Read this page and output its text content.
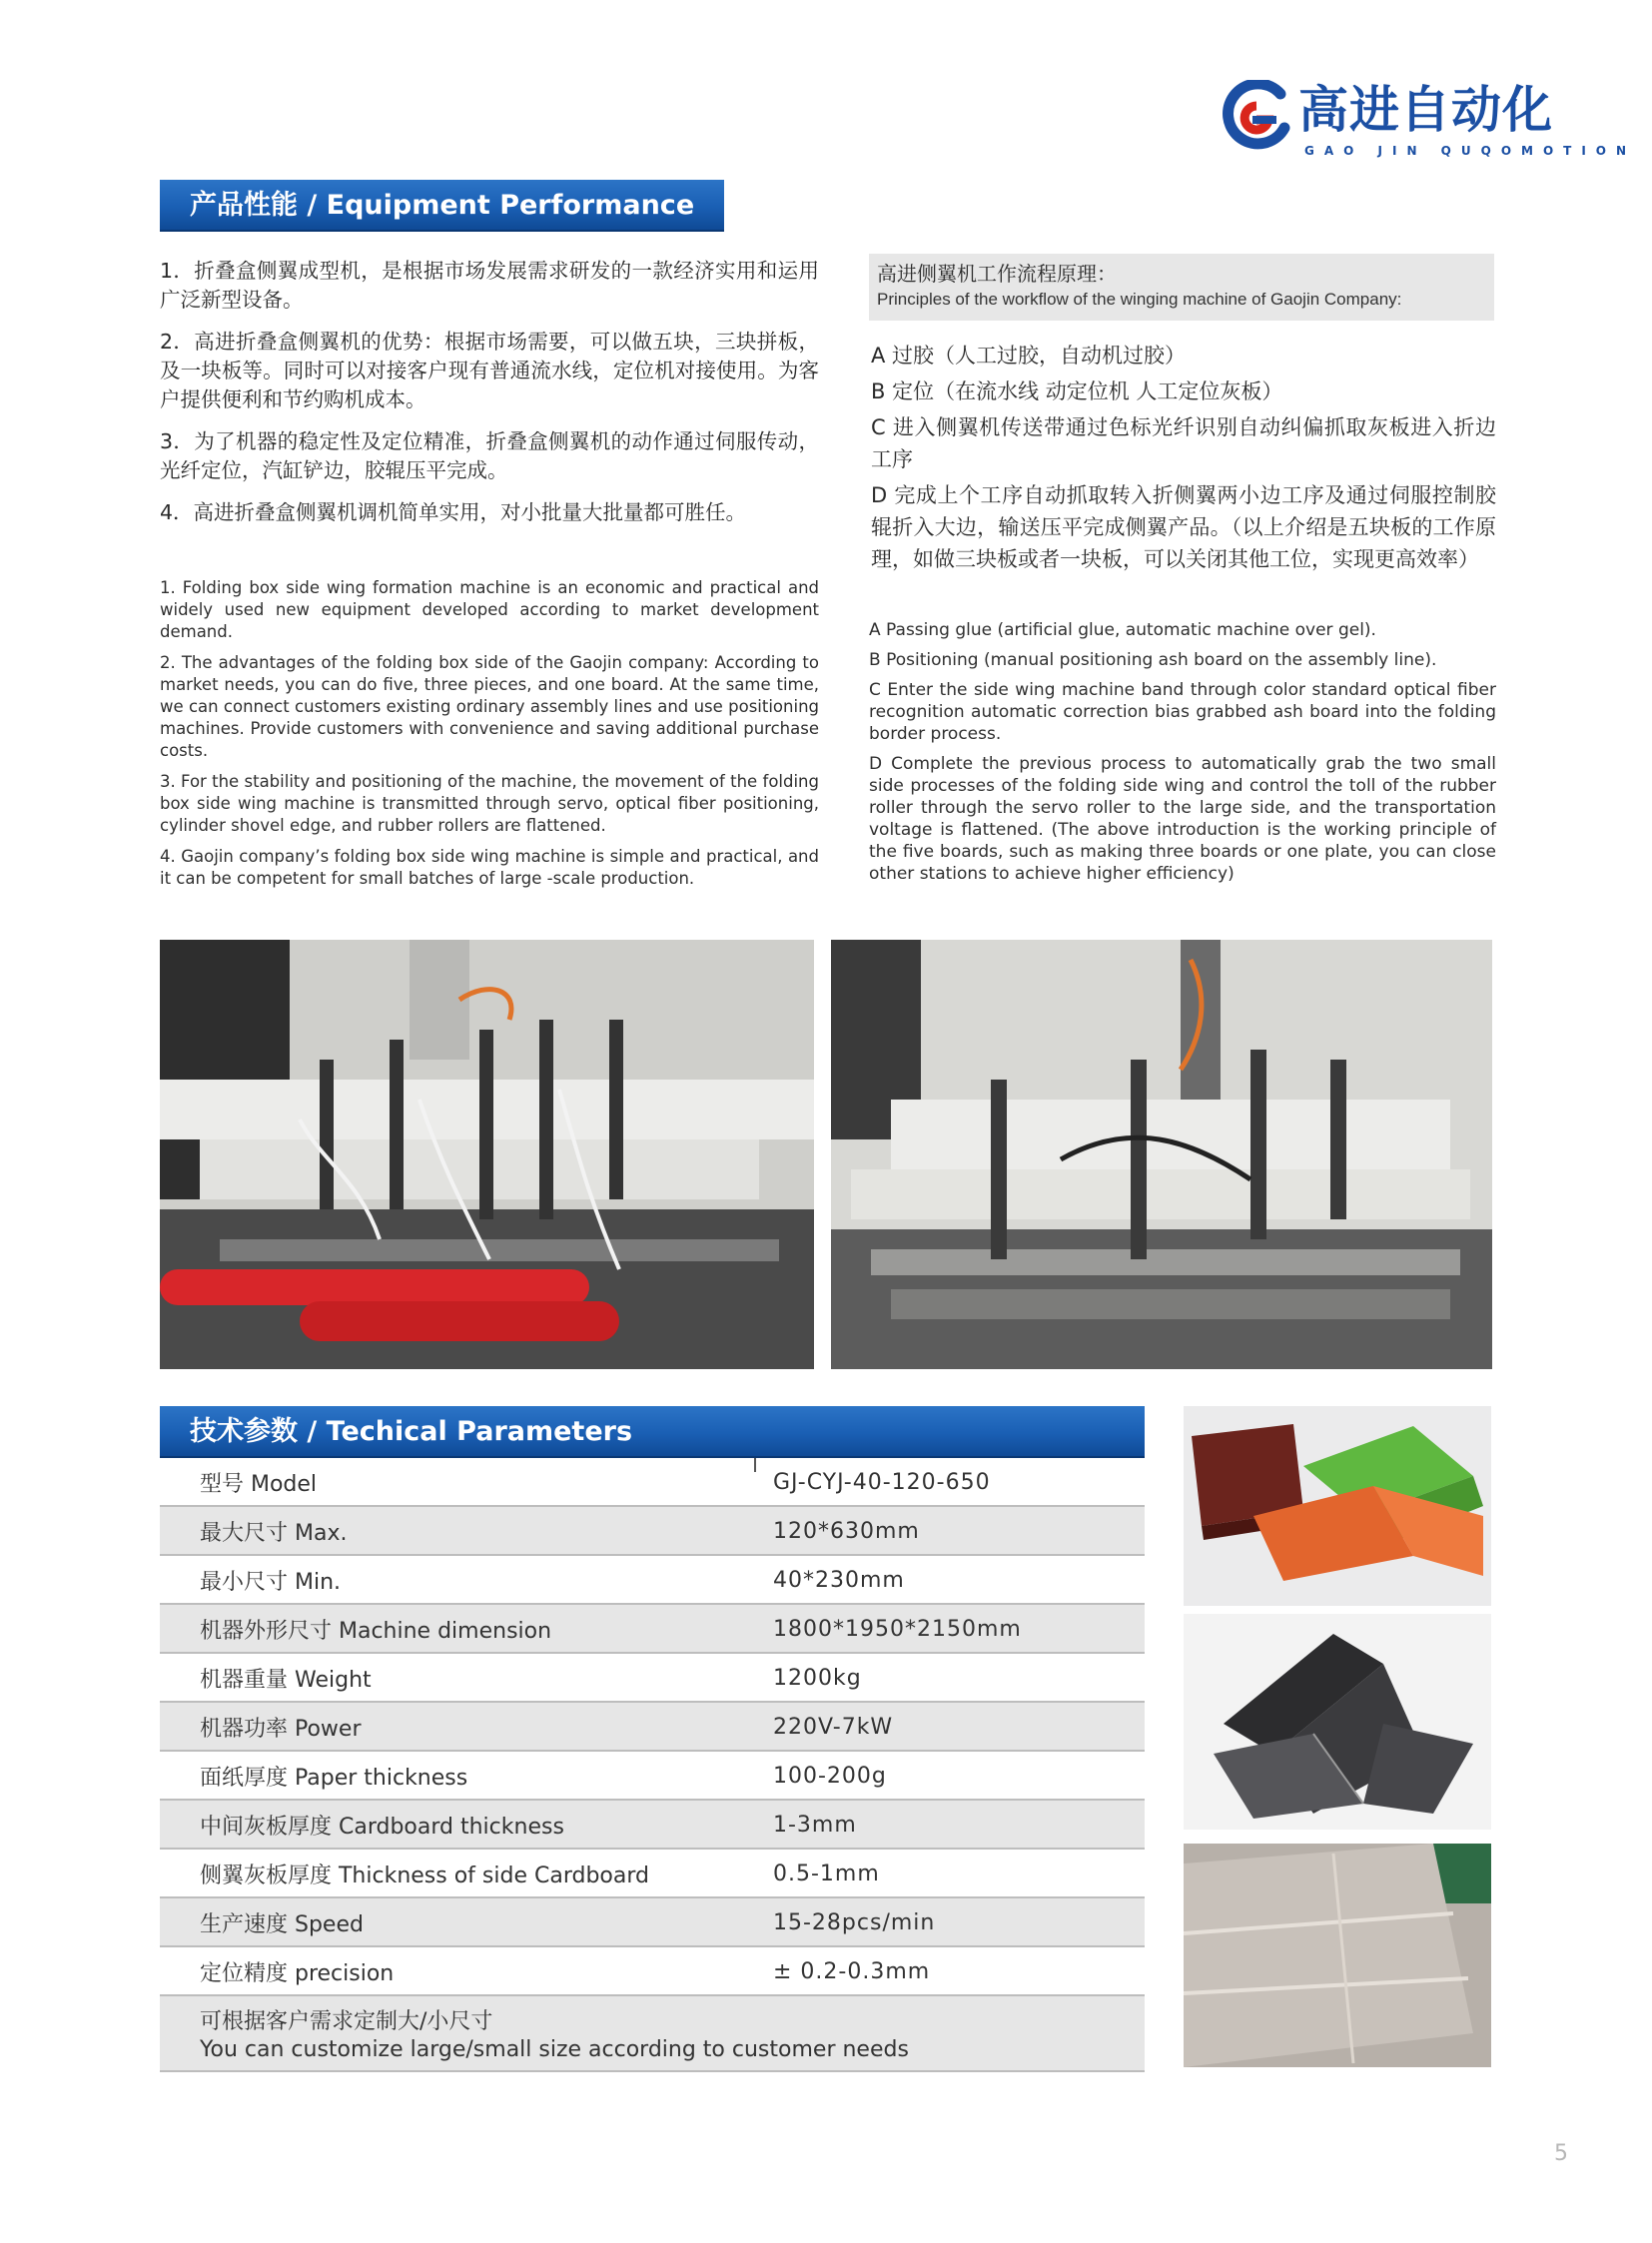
高进自动化
GAO JIN QUQOMOTION
产品性能 / Equipment Performance

1．折叠盒侧翼成型机，是根据市场发展需求研发的一款经济实用和运用广泛新型设备。

2．高进折叠盒侧翼机的优势：根据市场需要，可以做五块，三块拼板，及一块板等。同时可以对接客户现有普通流水线，定位机对接使用。为客户提供便利和节约购机成本。

3．为了机器的稳定性及定位精准，折叠盒侧翼机的动作通过伺服传动，光纤定位，汽缸铲边，胶辊压平完成。

4．高进折叠盒侧翼机调机简单实用，对小批量大批量都可胜任。

1. Folding box side wing formation machine is an economic and practical and widely used new equipment developed according to market development demand.

2. The advantages of the folding box side of the Gaojin company: According to market needs, you can do five, three pieces, and one board. At the same time, we can connect customers existing ordinary assembly lines and use positioning machines. Provide customers with convenience and saving additional purchase costs.

3. For the stability and positioning of the machine, the movement of the folding box side wing machine is transmitted through servo, optical fiber positioning, cylinder shovel edge, and rubber rollers are flattened.

4. Gaojin company’s folding box side wing machine is simple and practical, and it can be competent for small batches of large -scale production.

高进侧翼机工作流程原理：
Principles of the workflow of the winging machine of Gaojin Company:

A 过胶（人工过胶，自动机过胶）

B 定位（在流水线 动定位机 人工定位灰板）

C 进入侧翼机传送带通过色标光纤识别自动纠偏抓取灰板进入折边工序

D 完成上个工序自动抓取转入折侧翼两小边工序及通过伺服控制胶辊折入大边，输送压平完成侧翼产品。（以上介绍是五块板的工作原理，如做三块板或者一块板，可以关闭其他工位，实现更高效率）

A Passing glue (artificial glue, automatic machine over gel).

B Positioning (manual positioning ash board on the assembly line).

C Enter the side wing machine band through color standard optical fiber recognition automatic correction bias grabbed ash board into the folding border process.

D Complete the previous process to automatically grab the two small side processes of the folding side wing and control the toll of the rubber roller through the servo roller to the large side, and the transportation voltage is flattened. (The above introduction is the working principle of the five boards, such as making three boards or one plate, you can close other stations to achieve higher efficiency)

技术参数 / Techical Parameters
型号 Model	GJ-CYJ-40-120-650
最大尺寸 Max.	120*630mm
最小尺寸 Min.	40*230mm
机器外形尺寸 Machine dimension	1800*1950*2150mm
机器重量 Weight	1200kg
机器功率 Power	220V-7kW
面纸厚度 Paper thickness	100-200g
中间灰板厚度 Cardboard thickness	1-3mm
侧翼灰板厚度 Thickness of side Cardboard	0.5-1mm
生产速度 Speed	15-28pcs/min
定位精度 precision	± 0.2-0.3mm
可根据客户需求定制大/小尺寸
You can customize large/small size according to customer needs
5
